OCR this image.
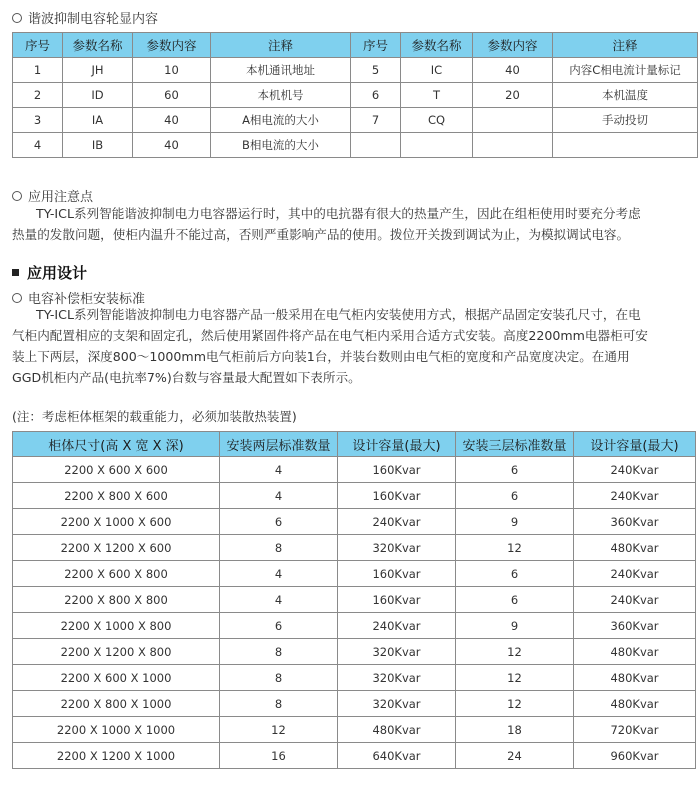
谐波抑制电容轮显内容
序号	参数名称	参数内容	注释	序号	参数名称	参数内容	注释
1	JH	10	本机通讯地址	5	IC	40	内容C相电流计量标记
2	ID	60	本机机号	6	T	20	本机温度
3	IA	40	A相电流的大小	7	CQ		手动投切
4	IB	40	B相电流的大小				
应用注意点

TY-ICL系列智能谐波抑制电力电容器运行时，其中的电抗器有很大的热量产生，因此在组柜使用时要充分考虑

热量的发散问题，使柜内温升不能过高，否则严重影响产品的使用。拨位开关拨到调试为止，为模拟调试电容。

应用设计
电容补偿柜安装标准

TY-ICL系列智能谐波抑制电力电容器产品一般采用在电气柜内安装使用方式，根据产品固定安装孔尺寸，在电

气柜内配置相应的支架和固定孔，然后使用紧固件将产品在电气柜内采用合适方式安装。高度2200mm电器柜可安

装上下两层，深度800～1000mm电气柜前后方向装1台，并装台数则由电气柜的宽度和产品宽度决定。在通用

GGD机柜内产品(电抗率7%)台数与容量最大配置如下表所示。

(注：考虑柜体框架的载重能力，必须加装散热装置)
柜体尺寸(高 X 宽 X 深)	安装两层标准数量	设计容量(最大)	安装三层标准数量	设计容量(最大)
2200 X 600 X 600	4	160Kvar	6	240Kvar
2200 X 800 X 600	4	160Kvar	6	240Kvar
2200 X 1000 X 600	6	240Kvar	9	360Kvar
2200 X 1200 X 600	8	320Kvar	12	480Kvar
2200 X 600 X 800	4	160Kvar	6	240Kvar
2200 X 800 X 800	4	160Kvar	6	240Kvar
2200 X 1000 X 800	6	240Kvar	9	360Kvar
2200 X 1200 X 800	8	320Kvar	12	480Kvar
2200 X 600 X 1000	8	320Kvar	12	480Kvar
2200 X 800 X 1000	8	320Kvar	12	480Kvar
2200 X 1000 X 1000	12	480Kvar	18	720Kvar
2200 X 1200 X 1000	16	640Kvar	24	960Kvar
